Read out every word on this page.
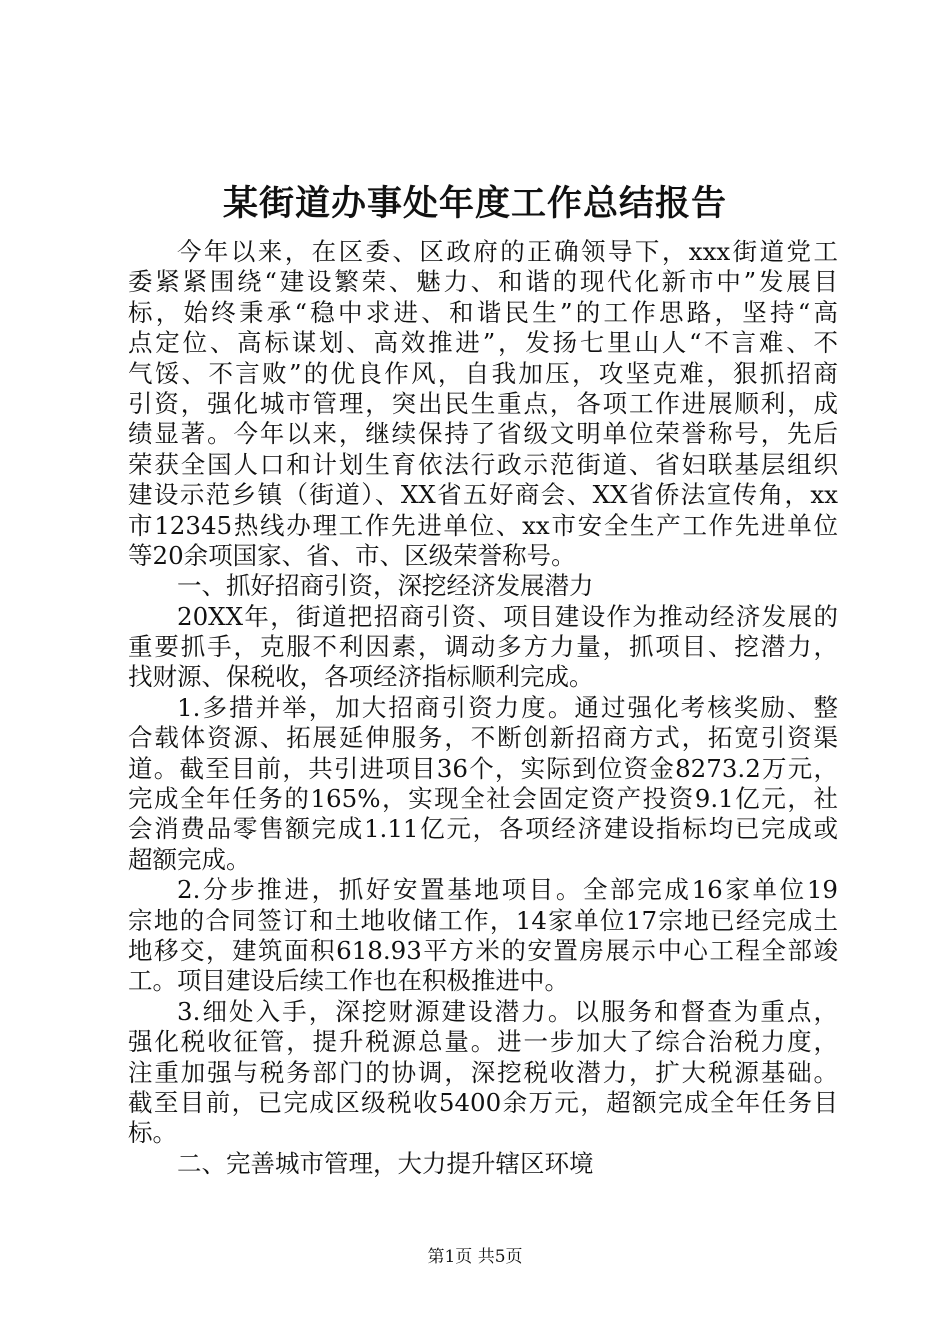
某街道办事处年度工作总结报告
今年以来，在区委、区政府的正确领导下，xxx街道党工
委紧紧围绕“建设繁荣、魅力、和谐的现代化新市中”发展目
标，始终秉承“稳中求进、和谐民生”的工作思路，坚持“高
点定位、高标谋划、高效推进”，发扬七里山人“不言难、不
气馁、不言败”的优良作风，自我加压，攻坚克难，狠抓招商
引资，强化城市管理，突出民生重点，各项工作进展顺利，成
绩显著。今年以来，继续保持了省级文明单位荣誉称号，先后
荣获全国人口和计划生育依法行政示范街道、省妇联基层组织
建设示范乡镇（街道）、XX省五好商会、XX省侨法宣传角，xx
市12345热线办理工作先进单位、xx市安全生产工作先进单位
等20余项国家、省、市、区级荣誉称号。
一、抓好招商引资，深挖经济发展潜力
20XX年，街道把招商引资、项目建设作为推动经济发展的
重要抓手，克服不利因素，调动多方力量，抓项目、挖潜力，
找财源、保税收，各项经济指标顺利完成。
1.多措并举，加大招商引资力度。通过强化考核奖励、整
合载体资源、拓展延伸服务，不断创新招商方式，拓宽引资渠
道。截至目前，共引进项目36个，实际到位资金8273.2万元，
完成全年任务的165%，实现全社会固定资产投资9.1亿元，社
会消费品零售额完成1.11亿元，各项经济建设指标均已完成或
超额完成。
2.分步推进，抓好安置基地项目。全部完成16家单位19
宗地的合同签订和土地收储工作，14家单位17宗地已经完成土
地移交，建筑面积618.93平方米的安置房展示中心工程全部竣
工。项目建设后续工作也在积极推进中。
3.细处入手，深挖财源建设潜力。以服务和督查为重点，
强化税收征管，提升税源总量。进一步加大了综合治税力度，
注重加强与税务部门的协调，深挖税收潜力，扩大税源基础。
截至目前，已完成区级税收5400余万元，超额完成全年任务目
标。
二、完善城市管理，大力提升辖区环境
第1页 共5页
